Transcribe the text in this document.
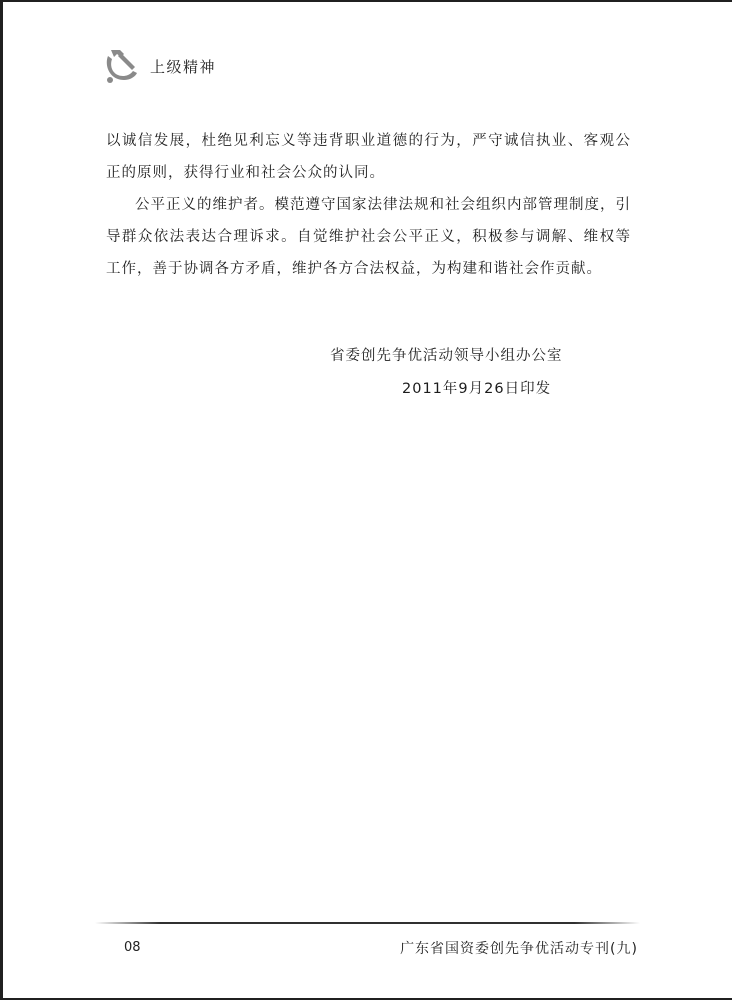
上级精神

以诚信发展，杜绝见利忘义等违背职业道德的行为，严守诚信执业、客观公正的原则，获得行业和社会公众的认同。

公平正义的维护者。模范遵守国家法律法规和社会组织内部管理制度，引导群众依法表达合理诉求。自觉维护社会公平正义，积极参与调解、维权等工作，善于协调各方矛盾，维护各方合法权益，为构建和谐社会作贡献。

省委创先争优活动领导小组办公室
2011年9月26日印发
08	广东省国资委创先争优活动专刊(九)
